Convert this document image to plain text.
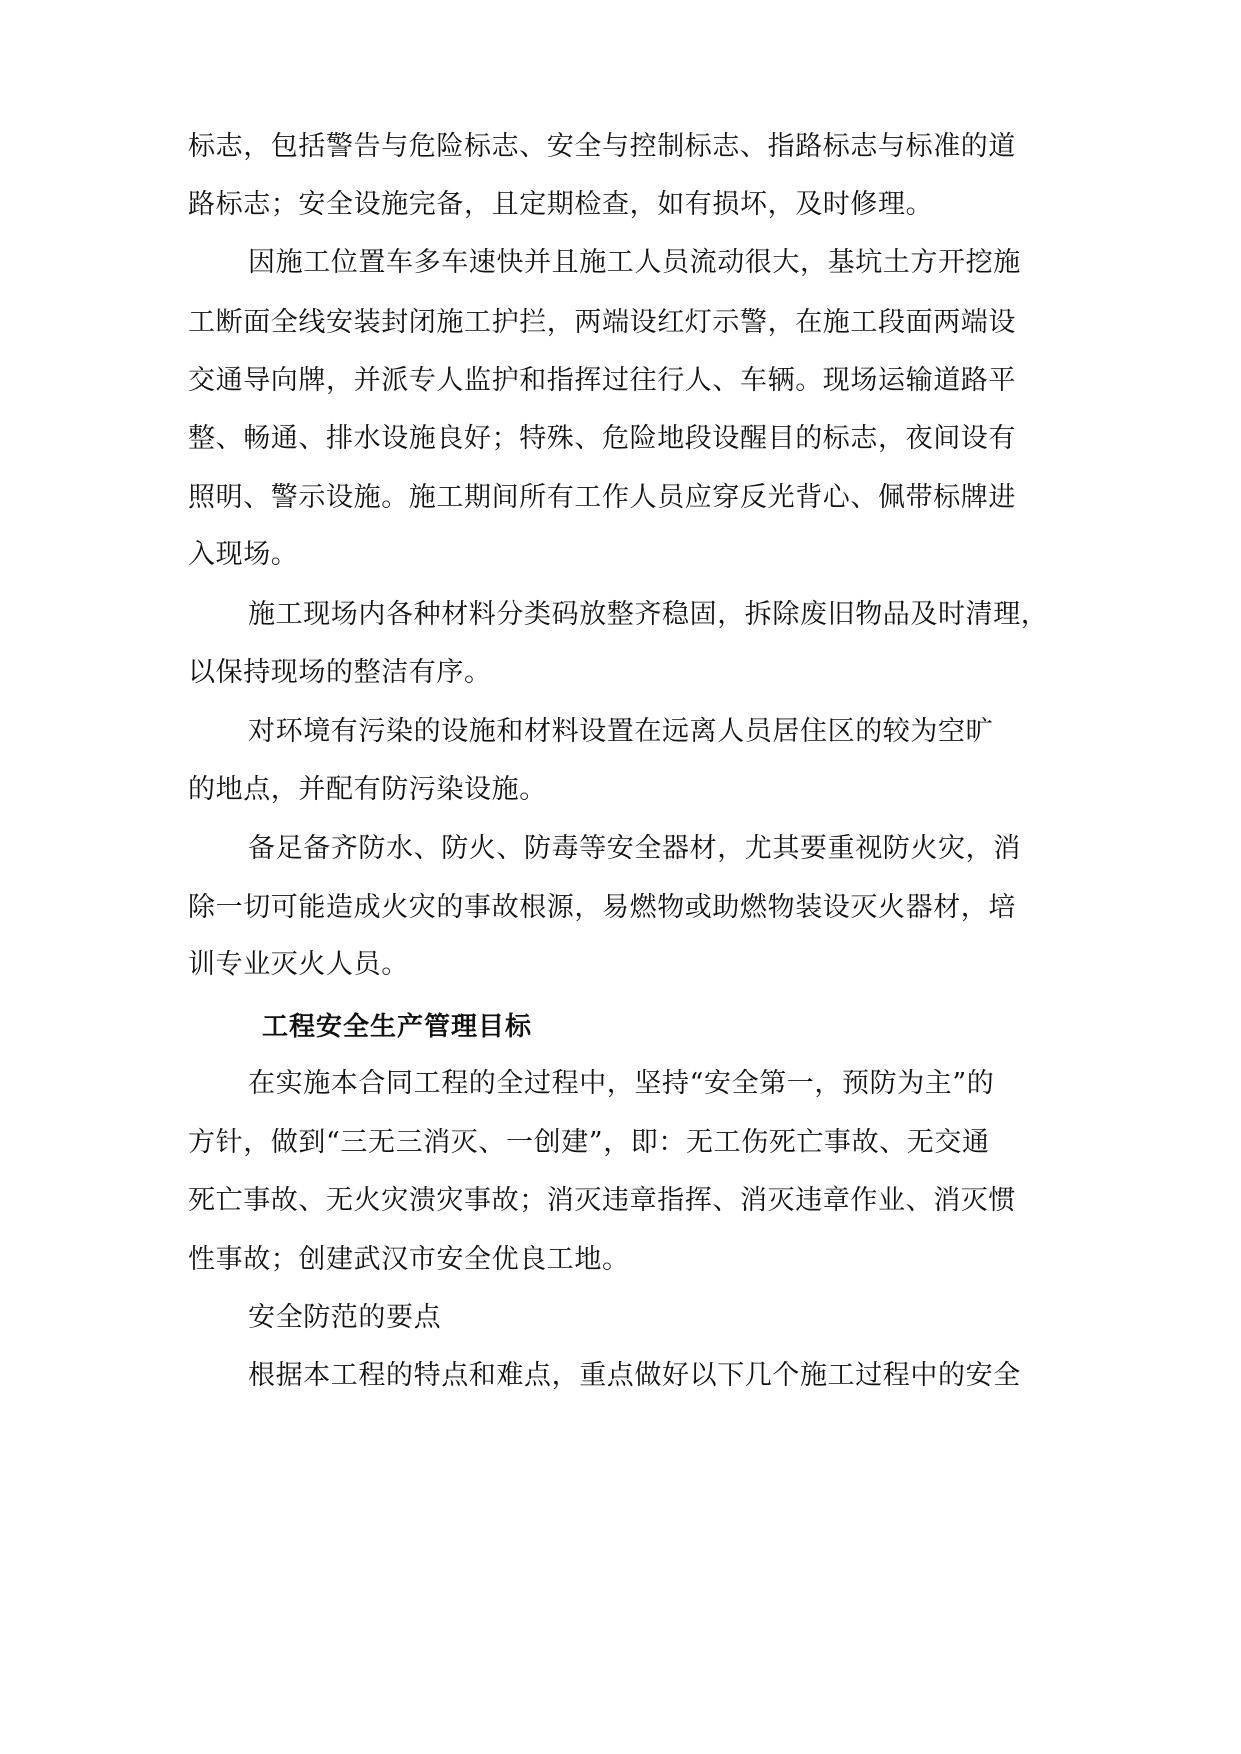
标志，包括警告与危险标志、安全与控制标志、指路标志与标准的道
路标志；安全设施完备，且定期检查，如有损坏，及时修理。
因施工位置车多车速快并且施工人员流动很大，基坑土方开挖施
工断面全线安装封闭施工护拦，两端设红灯示警，在施工段面两端设
交通导向牌，并派专人监护和指挥过往行人、车辆。现场运输道路平
整、畅通、排水设施良好；特殊、危险地段设醒目的标志，夜间设有
照明、警示设施。施工期间所有工作人员应穿反光背心、佩带标牌进
入现场。
施工现场内各种材料分类码放整齐稳固，拆除废旧物品及时清理，
以保持现场的整洁有序。
对环境有污染的设施和材料设置在远离人员居住区的较为空旷
的地点，并配有防污染设施。
备足备齐防水、防火、防毒等安全器材，尤其要重视防火灾，消
除一切可能造成火灾的事故根源，易燃物或助燃物装设灭火器材，培
训专业灭火人员。
工程安全生产管理目标
在实施本合同工程的全过程中，坚持“安全第一，预防为主”的
方针，做到“三无三消灭、一创建”，即：无工伤死亡事故、无交通
死亡事故、无火灾溃灾事故；消灭违章指挥、消灭违章作业、消灭惯
性事故；创建武汉市安全优良工地。
安全防范的要点
根据本工程的特点和难点，重点做好以下几个施工过程中的安全
